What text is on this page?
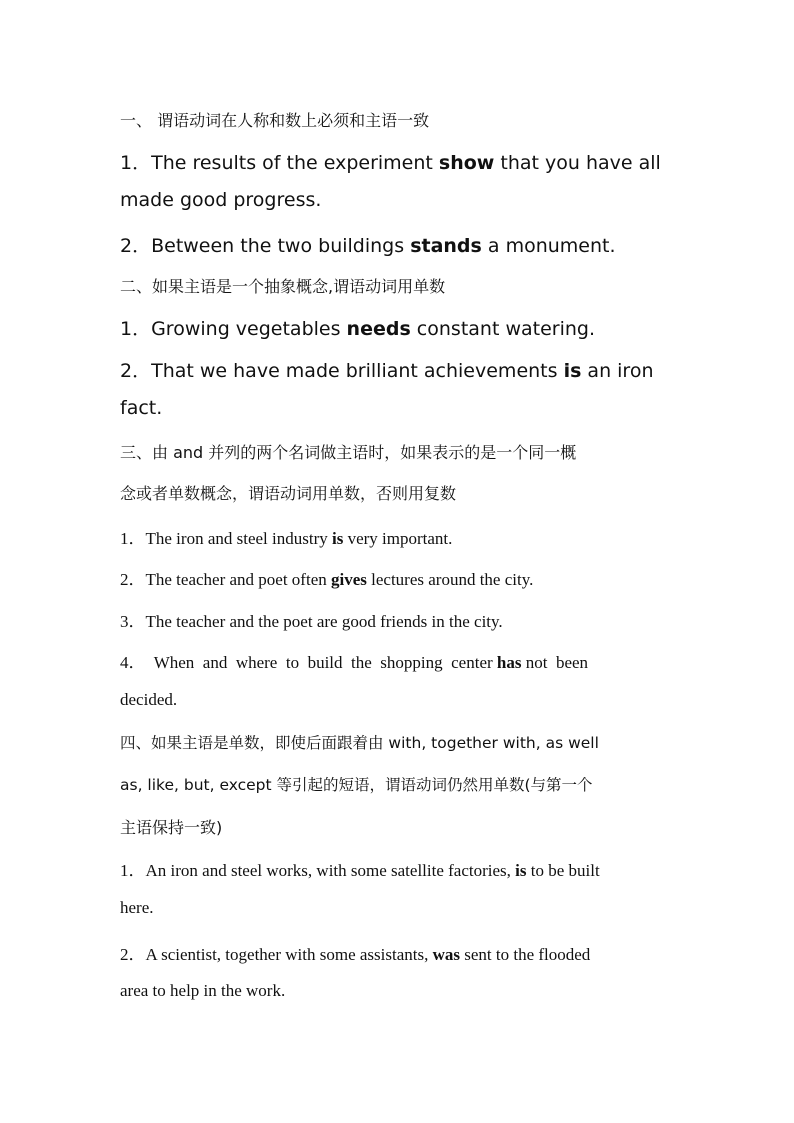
一、 谓语动词在人称和数上必须和主语一致
1．The results of the experiment show that you have all
made good progress.
2．Between the two buildings stands a monument.
二、如果主语是一个抽象概念,谓语动词用单数
1．Growing vegetables needs constant watering.
2．That we have made brilliant achievements is an iron
fact.
三、由 and 并列的两个名词做主语时，如果表示的是一个同一概
念或者单数概念，谓语动词用单数，否则用复数
1．The iron and steel industry is very important.
2．The teacher and poet often gives lectures around the city.
3．The teacher and the poet are good friends in the city.
4．  When  and  where  to  build  the  shopping  center has not  been
decided.
四、如果主语是单数，即使后面跟着由 with, together with, as well
as, like, but, except 等引起的短语，谓语动词仍然用单数(与第一个
主语保持一致)
1．An iron and steel works, with some satellite factories, is to be built
here.
2．A scientist, together with some assistants, was sent to the flooded
area to help in the work.
